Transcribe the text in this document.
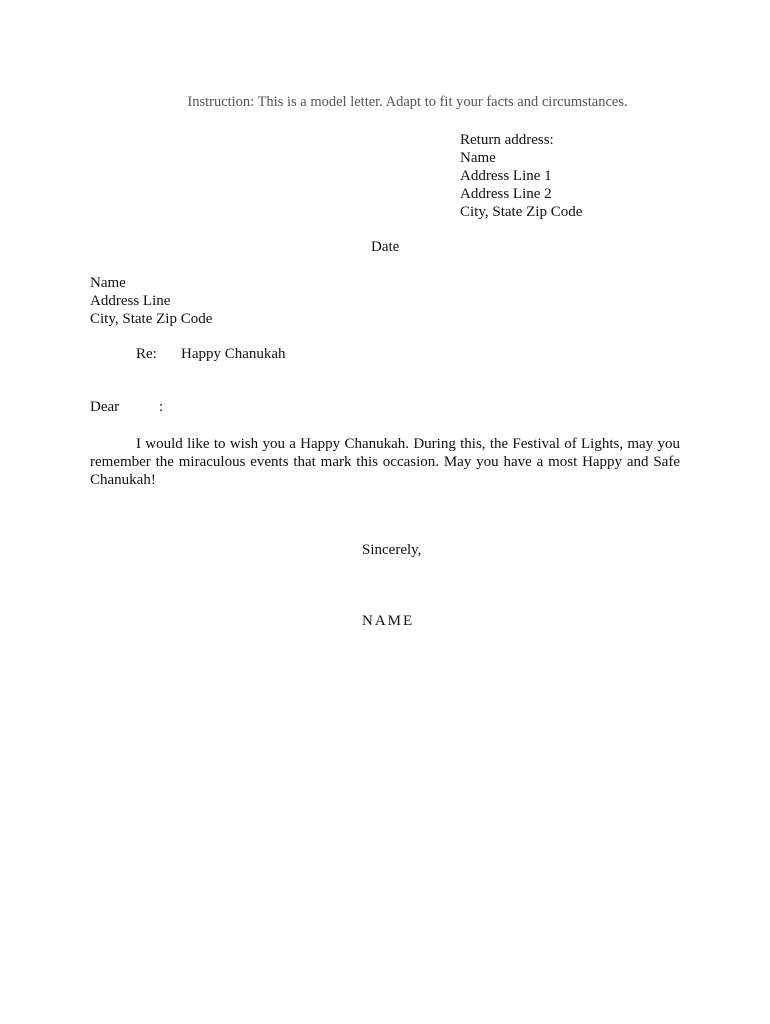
Instruction: This is a model letter. Adapt to fit your facts and circumstances.
Return address:
Name
Address Line 1
Address Line 2
City, State Zip Code
Date
Name
Address Line
City, State Zip Code
Re: Happy Chanukah
Dear	:
I would like to wish you a Happy Chanukah. During this, the Festival of Lights, may you remember the miraculous events that mark this occasion. May you have a most Happy and Safe Chanukah!
Sincerely,
NAME
